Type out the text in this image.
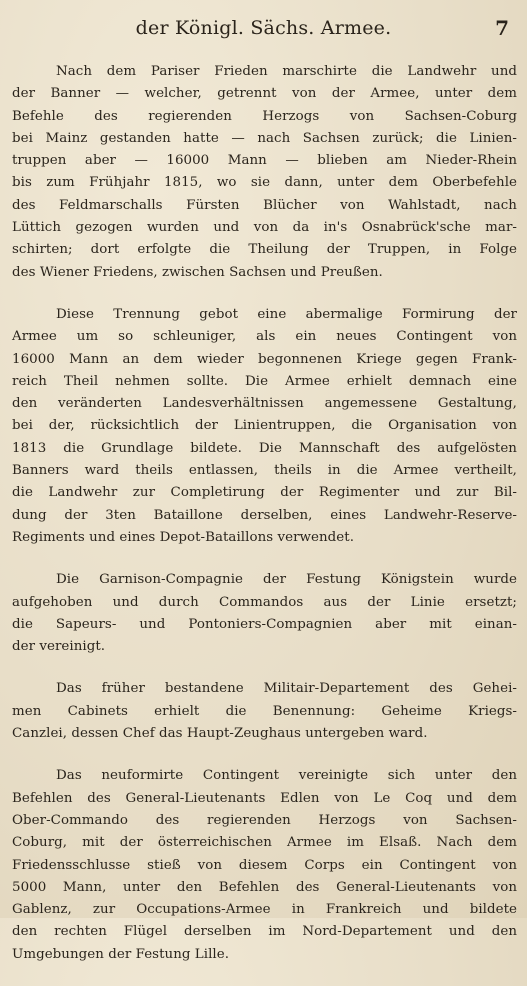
der Königl. Sächs. Armee.	7
Nach dem Pariser Frieden marschirte die Landwehr und
der Banner — welcher, getrennt von der Armee, unter dem
Befehle des regierenden Herzogs von Sachsen-Coburg
bei Mainz gestanden hatte — nach Sachsen zurück; die Linien-
truppen aber — 16000 Mann — blieben am Nieder-Rhein
bis zum Frühjahr 1815, wo sie dann, unter dem Oberbefehle
des Feldmarschalls Fürsten Blücher von Wahlstadt, nach
Lüttich gezogen wurden und von da in's Osnabrück'sche mar-
schirten; dort erfolgte die Theilung der Truppen, in Folge
des Wiener Friedens, zwischen Sachsen und Preußen.
Diese Trennung gebot eine abermalige Formirung der
Armee um so schleuniger, als ein neues Contingent von
16000 Mann an dem wieder begonnenen Kriege gegen Frank-
reich Theil nehmen sollte. Die Armee erhielt demnach eine
den veränderten Landesverhältnissen angemessene Gestaltung,
bei der, rücksichtlich der Linientruppen, die Organisation von
1813 die Grundlage bildete. Die Mannschaft des aufgelösten
Banners ward theils entlassen, theils in die Armee vertheilt,
die Landwehr zur Completirung der Regimenter und zur Bil-
dung der 3ten Bataillone derselben, eines Landwehr-Reserve-
Regiments und eines Depot-Bataillons verwendet.
Die Garnison-Compagnie der Festung Königstein wurde
aufgehoben und durch Commandos aus der Linie ersetzt;
die Sapeurs- und Pontoniers-Compagnien aber mit einan-
der vereinigt.
Das früher bestandene Militair-Departement des Gehei-
men Cabinets erhielt die Benennung: Geheime Kriegs-
Canzlei, dessen Chef das Haupt-Zeughaus untergeben ward.
Das neuformirte Contingent vereinigte sich unter den
Befehlen des General-Lieutenants Edlen von Le Coq und dem
Ober-Commando des regierenden Herzogs von Sachsen-
Coburg, mit der österreichischen Armee im Elsaß. Nach dem
Friedensschlusse stieß von diesem Corps ein Contingent von
5000 Mann, unter den Befehlen des General-Lieutenants von
Gablenz, zur Occupations-Armee in Frankreich und bildete
den rechten Flügel derselben im Nord-Departement und den
Umgebungen der Festung Lille.
